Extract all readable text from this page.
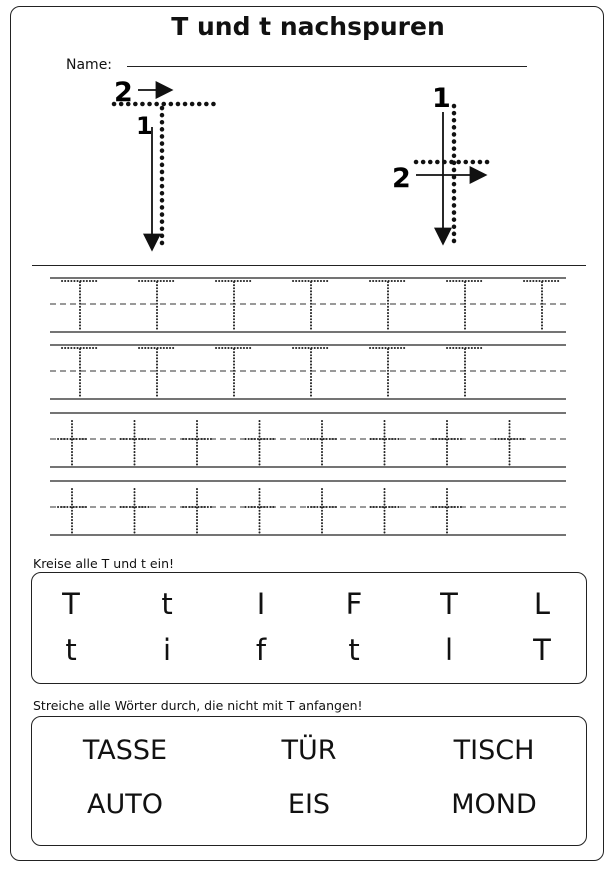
T und t nachspuren
Name:
2
1
1
2
Kreise alle T und t ein!
T	t	I	F	T	L
t	i	f	t	l	T
Streiche alle Wörter durch, die nicht mit T anfangen!
TASSE	TÜR	TISCH
AUTO	EIS	MOND
